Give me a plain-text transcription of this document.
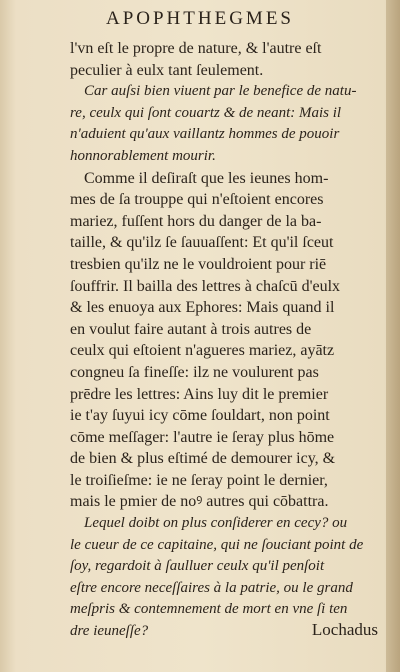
APOPHTHEGMES
l'vn eſt le propre de nature, & l'autre eſt
peculier à eulx tant ſeulement.
Car auſsi bien viuent par le benefice de natu-
re, ceulx qui ſont couartz & de neant: Mais il
n'aduient qu'aux vaillantz hommes de pouoir
honnorablement mourir.
Comme il deſiraſt que les ieunes hom-
mes de ſa trouppe qui n'eſtoient encores
mariez, fuſſent hors du danger de la ba-
taille, & qu'ilz ſe ſauuaſſent: Et qu'il ſceut
tresbien qu'ilz ne le vouldroient pour riē
ſouffrir. Il bailla des lettres à chaſcū d'eulx
& les enuoya aux Ephores: Mais quand il
en voulut faire autant à trois autres de
ceulx qui eſtoient n'agueres mariez, ayātz
congneu ſa fineſſe: ilz ne voulurent pas
prēdre les lettres: Ains luy dit le premier
ie t'ay ſuyui icy cōme ſouldart, non point
cōme meſſager: l'autre ie ſeray plus hōme
de bien & plus eſtimé de demourer icy, &
le troiſieſme: ie ne ſeray point le dernier,
mais le pmier de noꝰ autres qui cōbattra.
Lequel doibt on plus conſiderer en cecy? ou
le cueur de ce capitaine, qui ne ſouciant point de
ſoy, regardoit à ſaulluer ceulx qu'il penſoit
eſtre encore neceſſaires à la patrie, ou le grand
meſpris & contemnement de mort en vne ſi ten
dre ieuneſſe?	Lochadus
